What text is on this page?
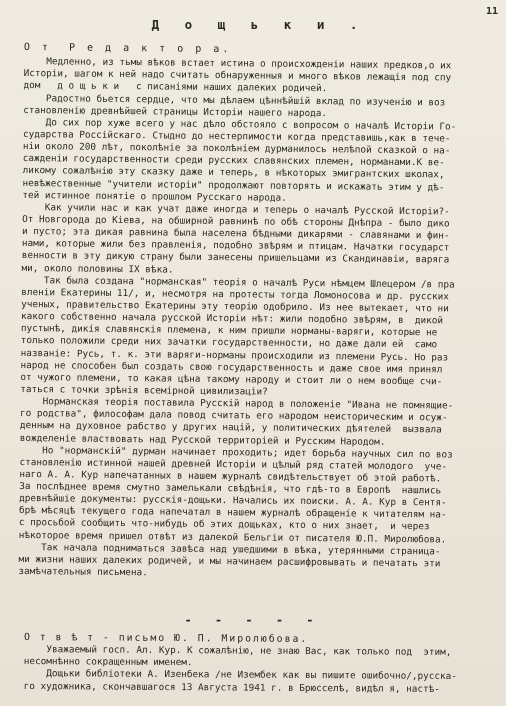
11
Д о щ ь к и .
О т  Р е д а к т о р а.
Медленно, из тьмы вѣков встает истина о происхожденiи наших предков,о их
Исторiи, шагом к ней надо считать обнаруженныя и много вѣков лежащiя под спу
дом   д о щ ь к и   с писанiями наших далеких родичей.
Радостно бьется сердце, что мы дѣлаем цѣннѣйшiй вклад по изученiю и воз
становленiю древнѣйшей страницы Исторiи нашего народа.
До сих пор хуже всего у нас дѣло обстояло с вопросом о началѣ Исторiи Го-
сударства Россiйскаго. Стыдно до нестерпимости когда представишь,как в тече-
нiи около 200 лѣт, поколѣнiе за поколѣнiем дурманилось нелѣпой сказкой о на-
сажденiи государственности среди русских славянских племен, норманами.К ве-
ликому сожалѣнiю эту сказку даже и теперь, в нѣкоторых эмигрантских школах,
невѣжественные "учители исторiи" продолжают повторять и искажать этим у дѣ-
тей истинное понятiе о прошлом Русскаго народа.
Как учили нас и как учат даже иногда и теперь о началѣ Русской Исторiи?-
От Новгорода до Кiева, на обширной равнинѣ по обѣ стороны Днѣпра - было дико
и пусто; эта дикая равнина была населена бѣдными дикарями - славянами и фин-
нами, которые жили без правленiя, подобно звѣрям и птицам. Начатки государст
венности в эту дикую страну были занесены пришельцами из Скандинавiи, варяга
ми, около половины IX вѣка.
Так была создана "норманская" теорiя о началѣ Руси нѣмцем Шлецером /в пра
вленiи Екатерины 11/, и, несмотря на протесты тогда Ломоносова и др. русских
ученых, правительство Екатерины эту теорiю одобрило. Из нее вытекает, что ни
какого собственно начала русской Исторiи нѣт: жили подобно звѣрям, в  дикой
пустынѣ, дикiя славянскiя племена, к ним пришли норманы-варяги, которые не
только положили среди них зачатки государственности, но даже дали ей  само
названiе: Русь, т. к. эти варяги-норманы происходили из племени Русь. Но раз
народ не способен был создать свою государственность и даже свое имя принял
от чужого племени, то какая цѣна такому народу и стоит ли о нем вообще счи-
таться с точки зрѣнiя всемiрной цивилизацiи?
Норманская теорiя поставила Русскiй народ в положенiе "Ивана не помнящие-
го родства", философам дала повод считать его народом неисторическим и осуж-
денным на духовное рабство у других нацiй, у политических дѣятелей  вызвала
вожделенiе властвовать над Русской территорiей и Русским Народом.
Но "норманскiй" дурман начинает проходить; идет борьба научных сил по воз
становленiю истинной нашей древней Исторiи и цѣлый ряд статей молодого  уче-
наго А. А. Кур напечатанных в нашем журналѣ свидѣтельствует об этой работѣ.
За послѣднее время смутно замелькали свѣдѣнiя, что гдѣ-то в Европѣ  нашлись
древнѣйшiе документы: русскiя-дощьки. Начались их поиски. А. А. Кур в Сентя-
брѣ мѣсяцѣ текущего года напечатал в нашем журналѣ обращенiе к читателям на-
с просьбой сообщить что-нибудь об этих дощьках, кто о них знает,  и через
нѣкоторое время пришел отвѣт из далекой Бельгiи от писателя Ю.П. Миролюбова.
Так начала подниматься завѣса над ушедшими в вѣка, утерянными страница-
ми жизни наших далеких родичей, и мы начинаем расшифровывать и печатать эти
замѣчательныя письмена.
- - - - -
О т в ѣ т - письмо Ю. П. Миролюбова.
Уважаемый госп. Ал. Кур. К сожалѣнiю, не знаю Вас, как только под  этим,
несомнѣнно сокращенным именем.
Дощьки библiотеки А. Изенбека /не Изембек как вы пишите ошибочно/,русска-
го художника, скончавшагося 13 Августа 1941 г. в Брюсселѣ, видѣл я, настѣ-
